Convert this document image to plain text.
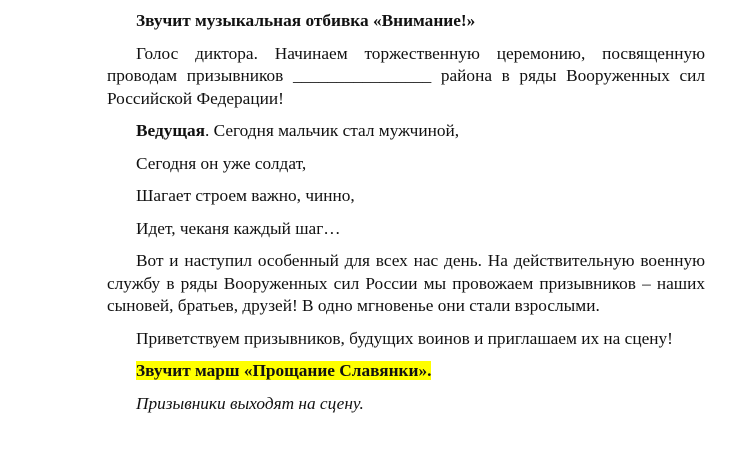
Звучит музыкальная отбивка «Внимание!»

Голос диктора. Начинаем торжественную церемонию, посвященную проводам призывников ________________ района в ряды Вооруженных сил Российской Федерации!

Ведущая. Сегодня мальчик стал мужчиной,

Сегодня он уже солдат,

Шагает строем важно, чинно,

Идет, чеканя каждый шаг…

Вот и наступил особенный для всех нас день. На действительную военную службу в ряды Вооруженных сил России мы провожаем призывников – наших сыновей, братьев, друзей! В одно мгновенье они стали взрослыми.

Приветствуем призывников, будущих воинов и приглашаем их на сцену!

Звучит марш «Прощание Славянки».

Призывники выходят на сцену.
